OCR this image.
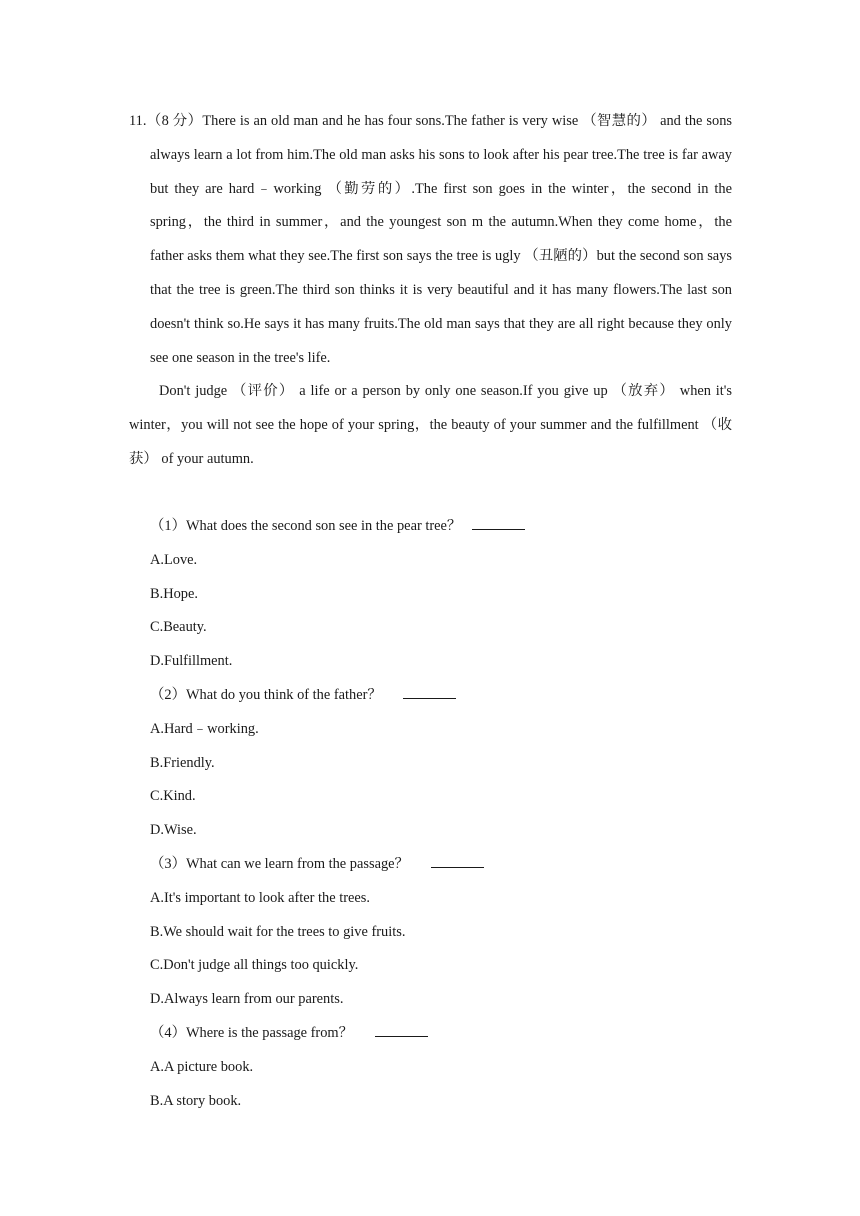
11.（8 分）There is an old man and he has four sons.The father is very wise （智慧的） and the sons always learn a lot from him.The old man asks his sons to look after his pear tree.The tree is far away but they are hard﹣working （勤劳的）.The first son goes in the winter，the second in the spring，the third in summer，and the youngest son m the autumn.When they come home，the father asks them what they see.The first son says the tree is ugly （丑陋的）but the second son says that the tree is green.The third son thinks it is very beautiful and it has many flowers.The last son doesn't think so.He says it has many fruits.The old man says that they are all right because they only see one season in the tree's life.

Don't judge （评价） a life or a person by only one season.If you give up （放弃） when it's winter，you will not see the hope of your spring，the beauty of your summer and the fulfillment （收获） of your autumn.

（1）What does the second son see in the pear tree？
A.Love.
B.Hope.
C.Beauty.
D.Fulfillment.
（2）What do you think of the father？
A.Hard﹣working.
B.Friendly.
C.Kind.
D.Wise.
（3）What can we learn from the passage？
A.It's important to look after the trees.
B.We should wait for the trees to give fruits.
C.Don't judge all things too quickly.
D.Always learn from our parents.
（4）Where is the passage from？
A.A picture book.
B.A story book.
